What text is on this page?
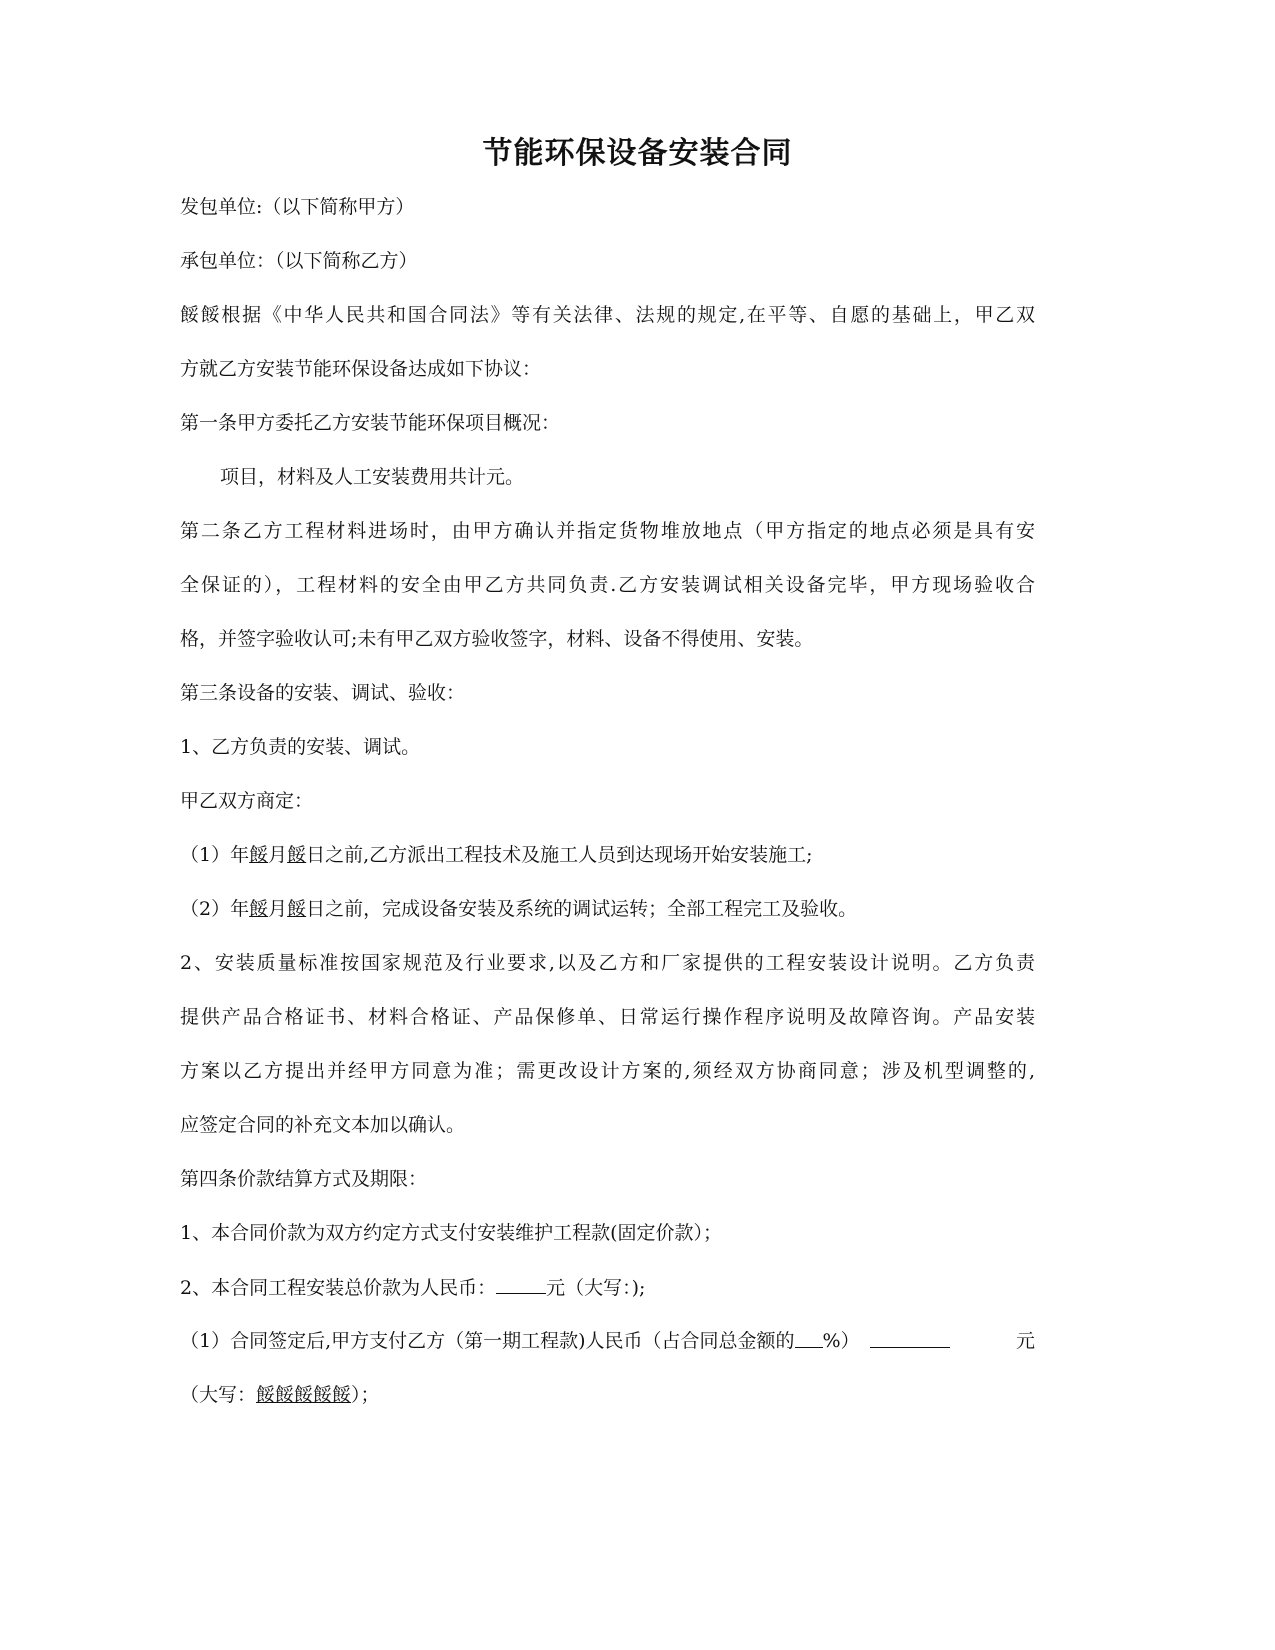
节能环保设备安装合同
发包单位:（以下简称甲方）
承包单位：（以下简称乙方）
餒餒根据《中华人民共和国合同法》等有关法律、法规的规定,在平等、自愿的基础上，甲乙双
方就乙方安装节能环保设备达成如下协议：
第一条甲方委托乙方安装节能环保项目概况：
项目，材料及人工安装费用共计元。
第二条乙方工程材料进场时，由甲方确认并指定货物堆放地点（甲方指定的地点必须是具有安
全保证的），工程材料的安全由甲乙方共同负责.乙方安装调试相关设备完毕，甲方现场验收合
格，并签字验收认可;未有甲乙双方验收签字，材料、设备不得使用、安装。
第三条设备的安装、调试、验收：
1、乙方负责的安装、调试。
甲乙双方商定：
（1）年餒月餒日之前,乙方派出工程技术及施工人员到达现场开始安装施工;
（2）年餒月餒日之前，完成设备安装及系统的调试运转；全部工程完工及验收。
2、安装质量标准按国家规范及行业要求,以及乙方和厂家提供的工程安装设计说明。乙方负责
提供产品合格证书、材料合格证、产品保修单、日常运行操作程序说明及故障咨询。产品安装
方案以乙方提出并经甲方同意为准；需更改设计方案的,须经双方协商同意；涉及机型调整的,
应签定合同的补充文本加以确认。
第四条价款结算方式及期限：
1、本合同价款为双方约定方式支付安装维护工程款(固定价款）；
2、本合同工程安装总价款为人民币：	元（大写：);
（1）合同签定后,甲方支付乙方（第一期工程款)人民币（占合同总金额的 %）	元
（大写：餒餒餒餒餒）；
